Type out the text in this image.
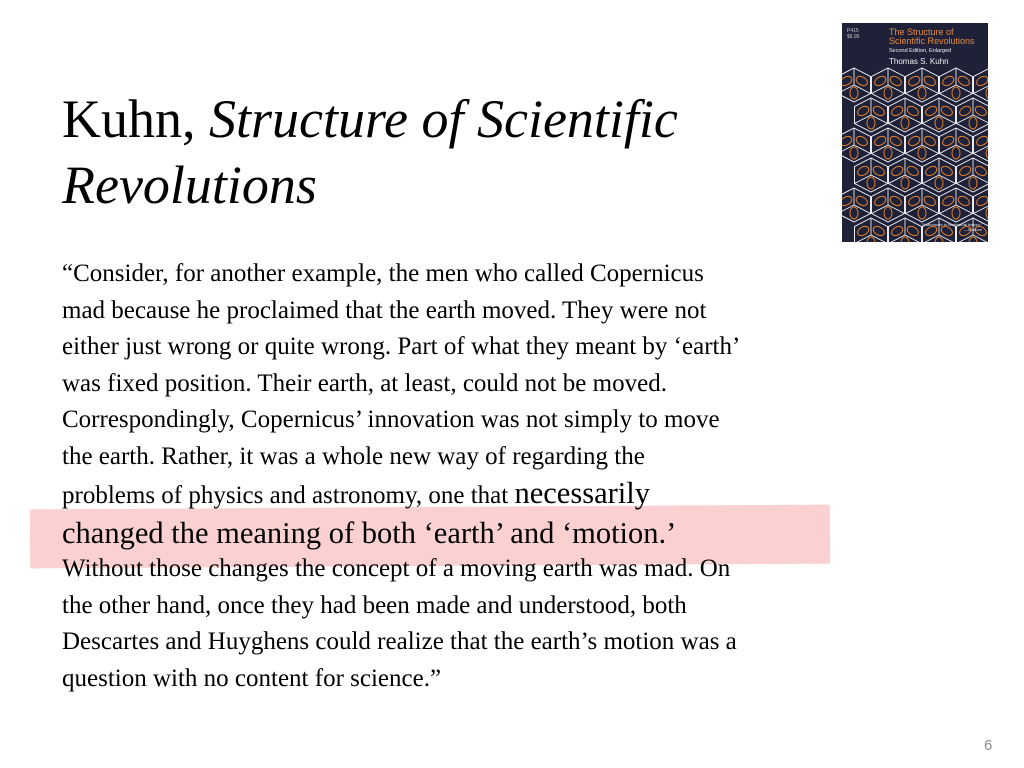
Kuhn, Structure of Scientific
Revolutions
P415
$6.95	The Structure of
Scientific Revolutions
Second Edition, Enlarged
Thomas S. Kuhn
"A landmark in intellectual history."
—Science

“Consider, for another example, the men who called Copernicus
mad because he proclaimed that the earth moved. They were not
either just wrong or quite wrong. Part of what they meant by ‘earth’
was fixed position. Their earth, at least, could not be moved.
Correspondingly, Copernicus’ innovation was not simply to move
the earth. Rather, it was a whole new way of regarding the
problems of physics and astronomy, one that necessarily
changed the meaning of both ‘earth’ and ‘motion.’
Without those changes the concept of a moving earth was mad. On
the other hand, once they had been made and understood, both
Descartes and Huyghens could realize that the earth’s motion was a
question with no content for science.”

6
